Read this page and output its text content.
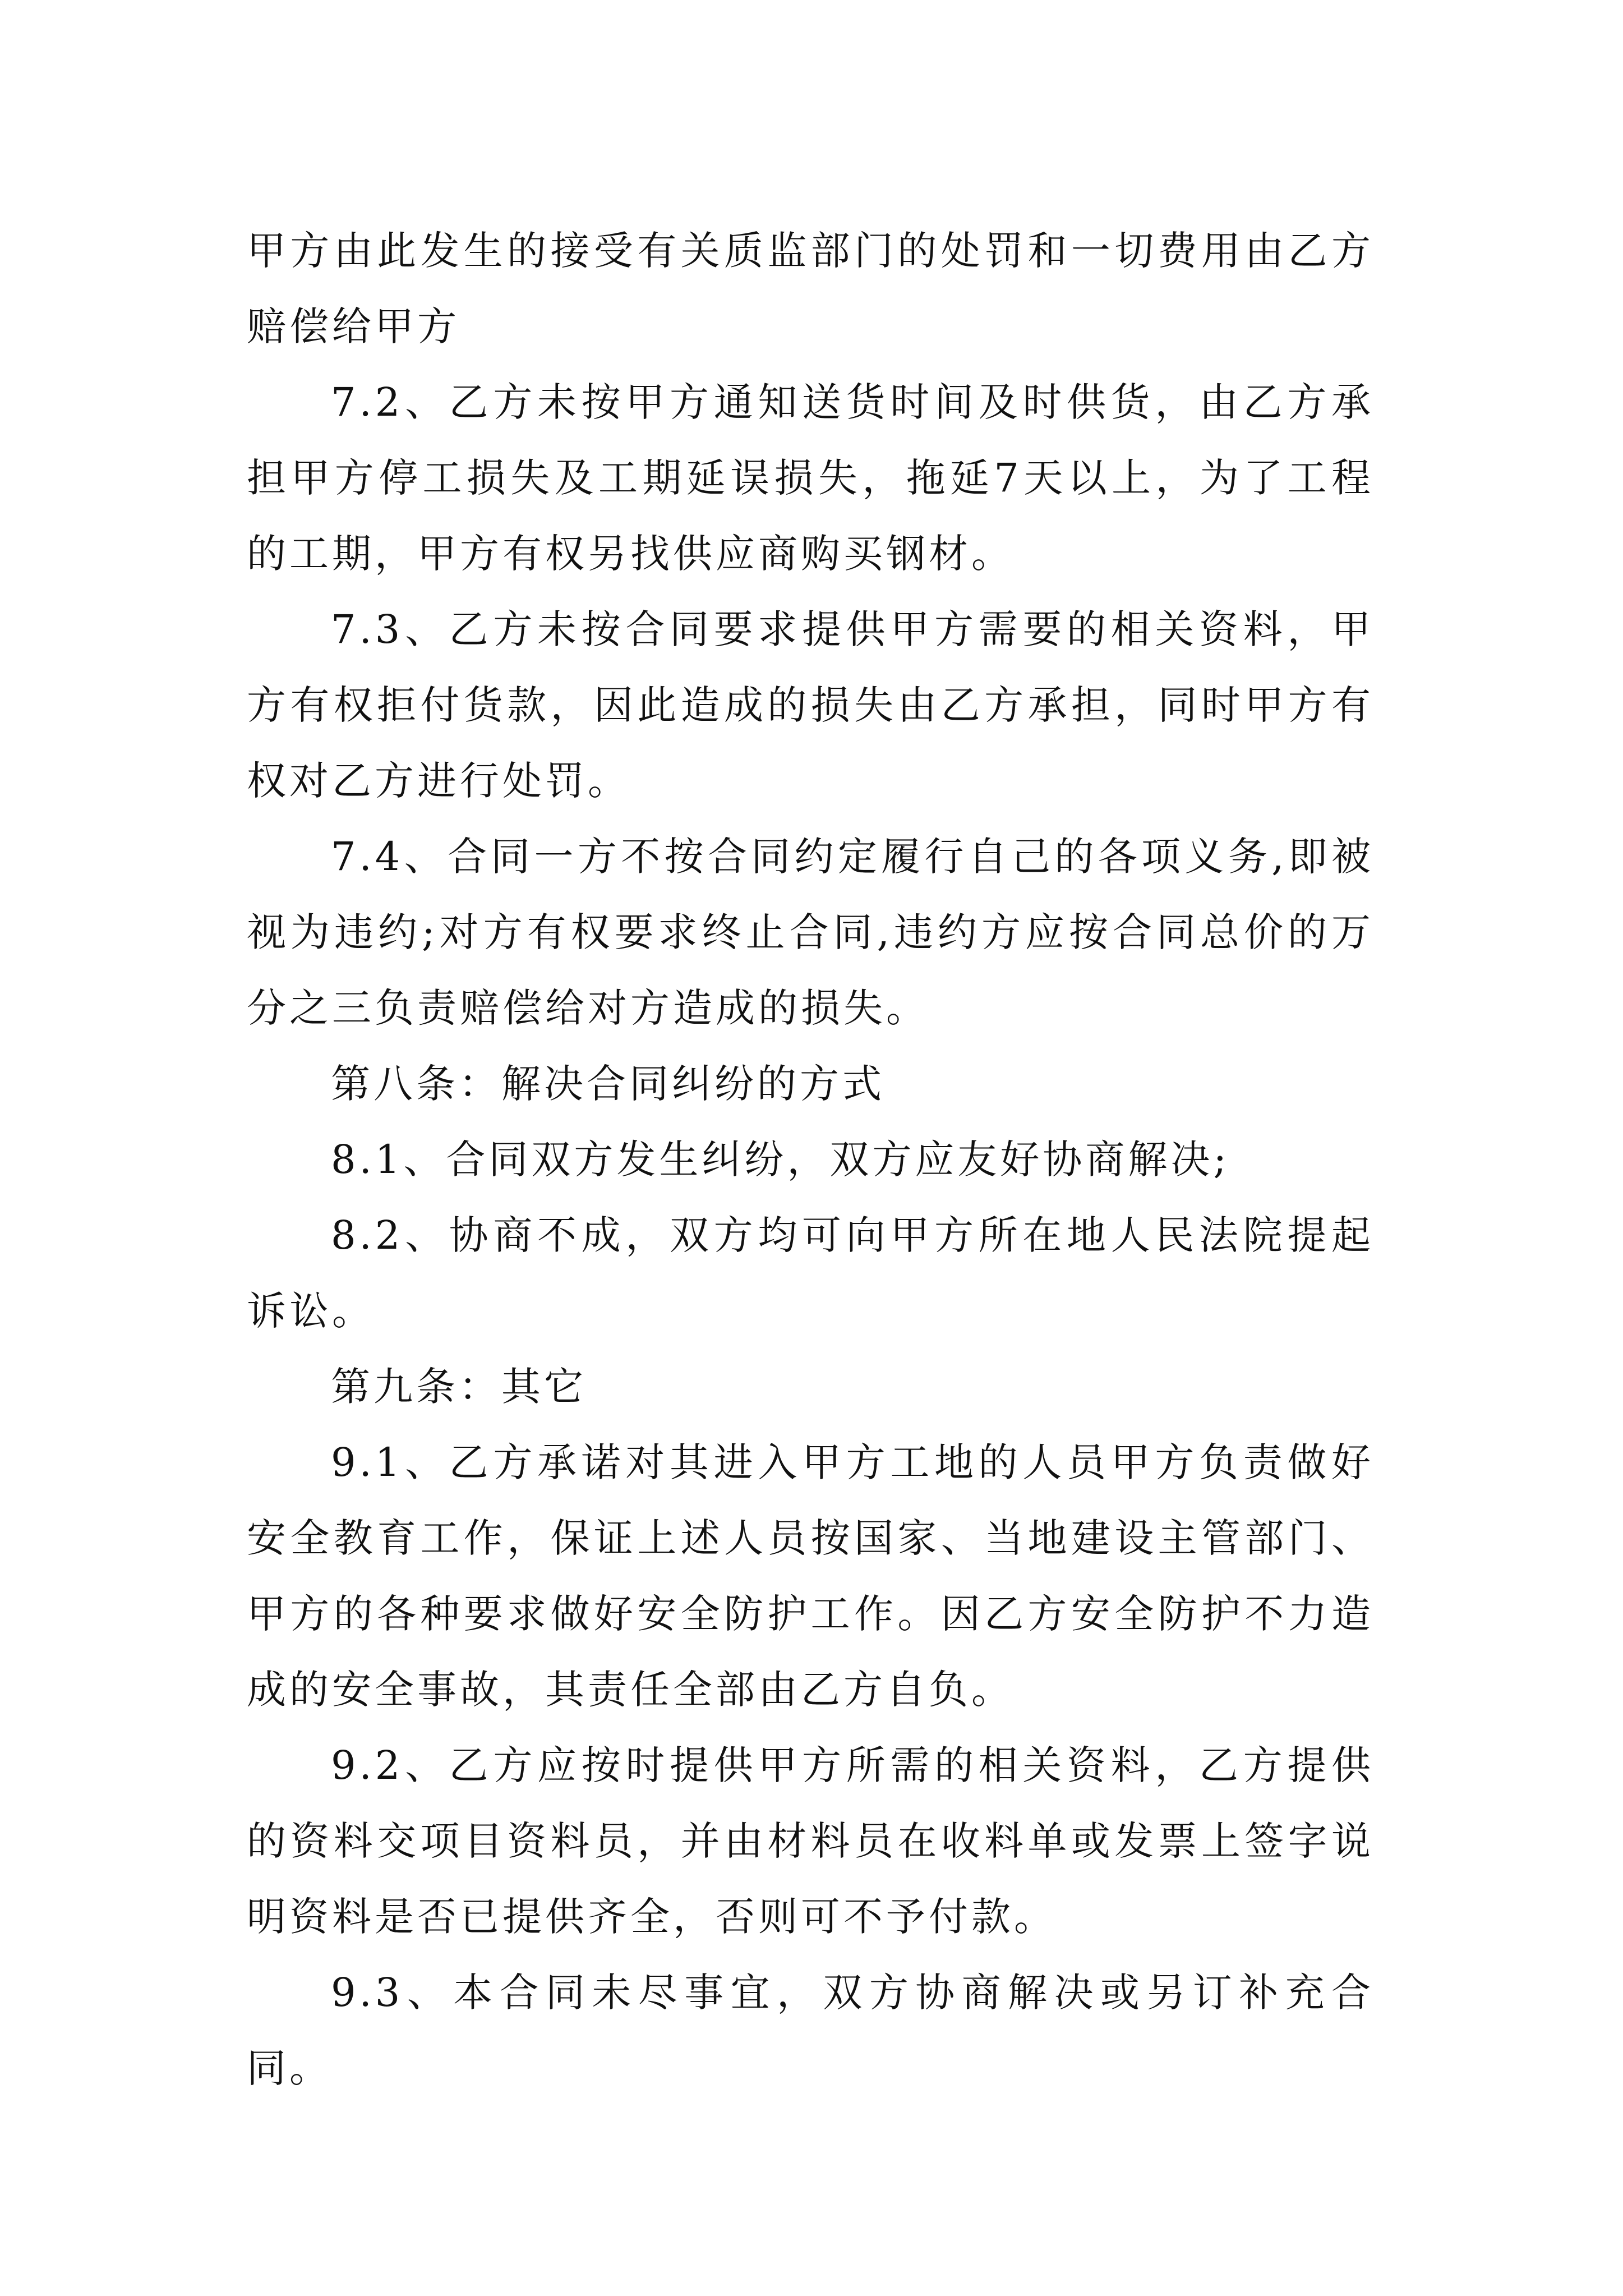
甲方由此发生的接受有关质监部门的处罚和一切费用由乙方赔偿给甲方

7.2、乙方未按甲方通知送货时间及时供货，由乙方承担甲方停工损失及工期延误损失，拖延7天以上，为了工程的工期，甲方有权另找供应商购买钢材。

7.3、乙方未按合同要求提供甲方需要的相关资料，甲方有权拒付货款，因此造成的损失由乙方承担，同时甲方有权对乙方进行处罚。

7.4、合同一方不按合同约定履行自己的各项义务,即被视为违约;对方有权要求终止合同,违约方应按合同总价的万分之三负责赔偿给对方造成的损失。

第八条：解决合同纠纷的方式

8.1、合同双方发生纠纷，双方应友好协商解决;

8.2、协商不成，双方均可向甲方所在地人民法院提起诉讼。

第九条：其它

9.1、乙方承诺对其进入甲方工地的人员甲方负责做好安全教育工作，保证上述人员按国家、当地建设主管部门、甲方的各种要求做好安全防护工作。因乙方安全防护不力造成的安全事故，其责任全部由乙方自负。

9.2、乙方应按时提供甲方所需的相关资料，乙方提供的资料交项目资料员，并由材料员在收料单或发票上签字说明资料是否已提供齐全，否则可不予付款。

9.3、本合同未尽事宜，双方协商解决或另订补充合同。
